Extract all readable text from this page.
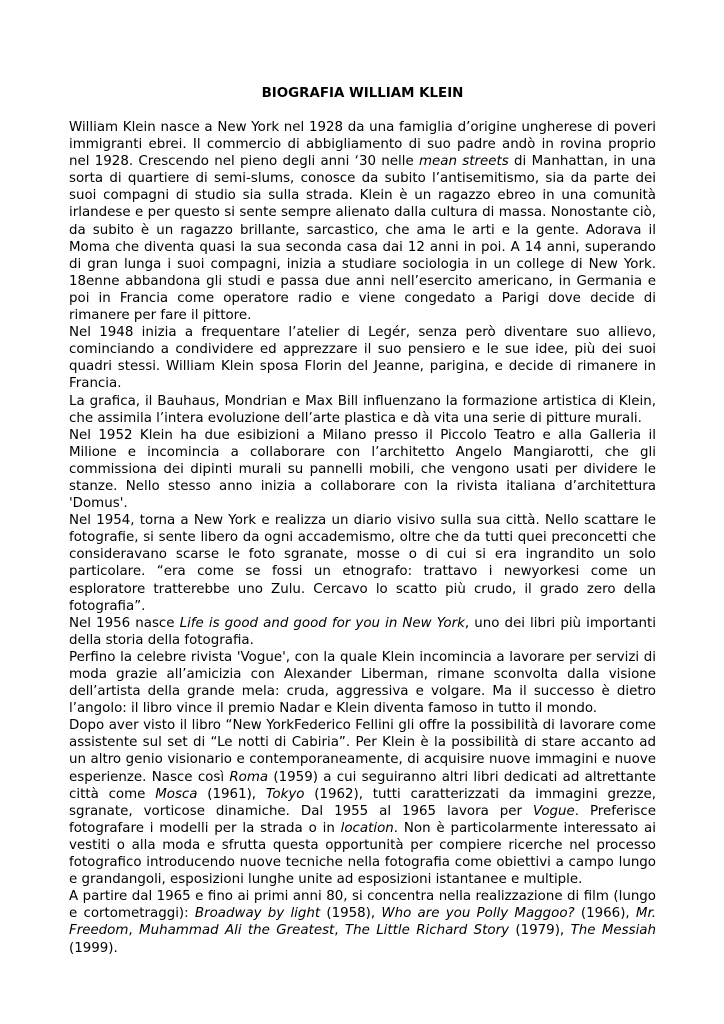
BIOGRAFIA WILLIAM KLEIN

William Klein nasce a New York nel 1928 da una famiglia d’origine ungherese di poveri immigranti ebrei. Il commercio di abbigliamento di suo padre andò in rovina proprio nel 1928. Crescendo nel pieno degli anni ‘30 nelle mean streets di Manhattan, in una sorta di quartiere di semi-slums, conosce da subito l’antisemitismo, sia da parte dei suoi compagni di studio sia sulla strada. Klein è un ragazzo ebreo in una comunità irlandese e per questo si sente sempre alienato dalla cultura di massa. Nonostante ciò, da subito è un ragazzo brillante, sarcastico, che ama le arti e la gente. Adorava il Moma che diventa quasi la sua seconda casa dai 12 anni in poi. A 14 anni, superando di gran lunga i suoi compagni, inizia a studiare sociologia in un college di New York. 18enne abbandona gli studi e passa due anni nell’esercito americano, in Germania e poi in Francia come operatore radio e viene congedato a Parigi dove decide di rimanere per fare il pittore.

Nel 1948 inizia a frequentare l’atelier di Legér, senza però diventare suo allievo, cominciando a condividere ed apprezzare il suo pensiero e le sue idee, più dei suoi quadri stessi. William Klein sposa Florin del Jeanne, parigina, e decide di rimanere in Francia.

La grafica, il Bauhaus, Mondrian e Max Bill influenzano la formazione artistica di Klein, che assimila l’intera evoluzione dell’arte plastica e dà vita una serie di pitture murali.

Nel 1952 Klein ha due esibizioni a Milano presso il Piccolo Teatro e alla Galleria il Milione e incomincia a collaborare con l’architetto Angelo Mangiarotti, che gli commissiona dei dipinti murali su pannelli mobili, che vengono usati per dividere le stanze. Nello stesso anno inizia a collaborare con la rivista italiana d’architettura 'Domus'.

Nel 1954, torna a New York e realizza un diario visivo sulla sua città. Nello scattare le fotografie, si sente libero da ogni accademismo, oltre che da tutti quei preconcetti che consideravano scarse le foto sgranate, mosse o di cui si era ingrandito un solo particolare. “era come se fossi un etnografo: trattavo i newyorkesi come un esploratore tratterebbe uno Zulu. Cercavo lo scatto più crudo, il grado zero della fotografia”.

Nel 1956 nasce Life is good and good for you in New York, uno dei libri più importanti della storia della fotografia.

Perfino la celebre rivista 'Vogue', con la quale Klein incomincia a lavorare per servizi di moda grazie all’amicizia con Alexander Liberman, rimane sconvolta dalla visione dell’artista della grande mela: cruda, aggressiva e volgare. Ma il successo è dietro l’angolo: il libro vince il premio Nadar e Klein diventa famoso in tutto il mondo.

Dopo aver visto il libro “New YorkFederico Fellini gli offre la possibilità di lavorare come assistente sul set di “Le notti di Cabiria”. Per Klein è la possibilità di stare accanto ad un altro genio visionario e contemporaneamente, di acquisire nuove immagini e nuove esperienze. Nasce così Roma (1959) a cui seguiranno altri libri dedicati ad altrettante città come Mosca (1961), Tokyo (1962), tutti caratterizzati da immagini grezze, sgranate, vorticose dinamiche. Dal 1955 al 1965 lavora per Vogue. Preferisce fotografare i modelli per la strada o in location. Non è particolarmente interessato ai vestiti o alla moda e sfrutta questa opportunità per compiere ricerche nel processo fotografico introducendo nuove tecniche nella fotografia come obiettivi a campo lungo e grandangoli, esposizioni lunghe unite ad esposizioni istantanee e multiple.

A partire dal 1965 e fino ai primi anni 80, si concentra nella realizzazione di film (lungo e cortometraggi): Broadway by light (1958), Who are you Polly Maggoo? (1966), Mr. Freedom, Muhammad Ali the Greatest, The Little Richard Story (1979), The Messiah (1999).
